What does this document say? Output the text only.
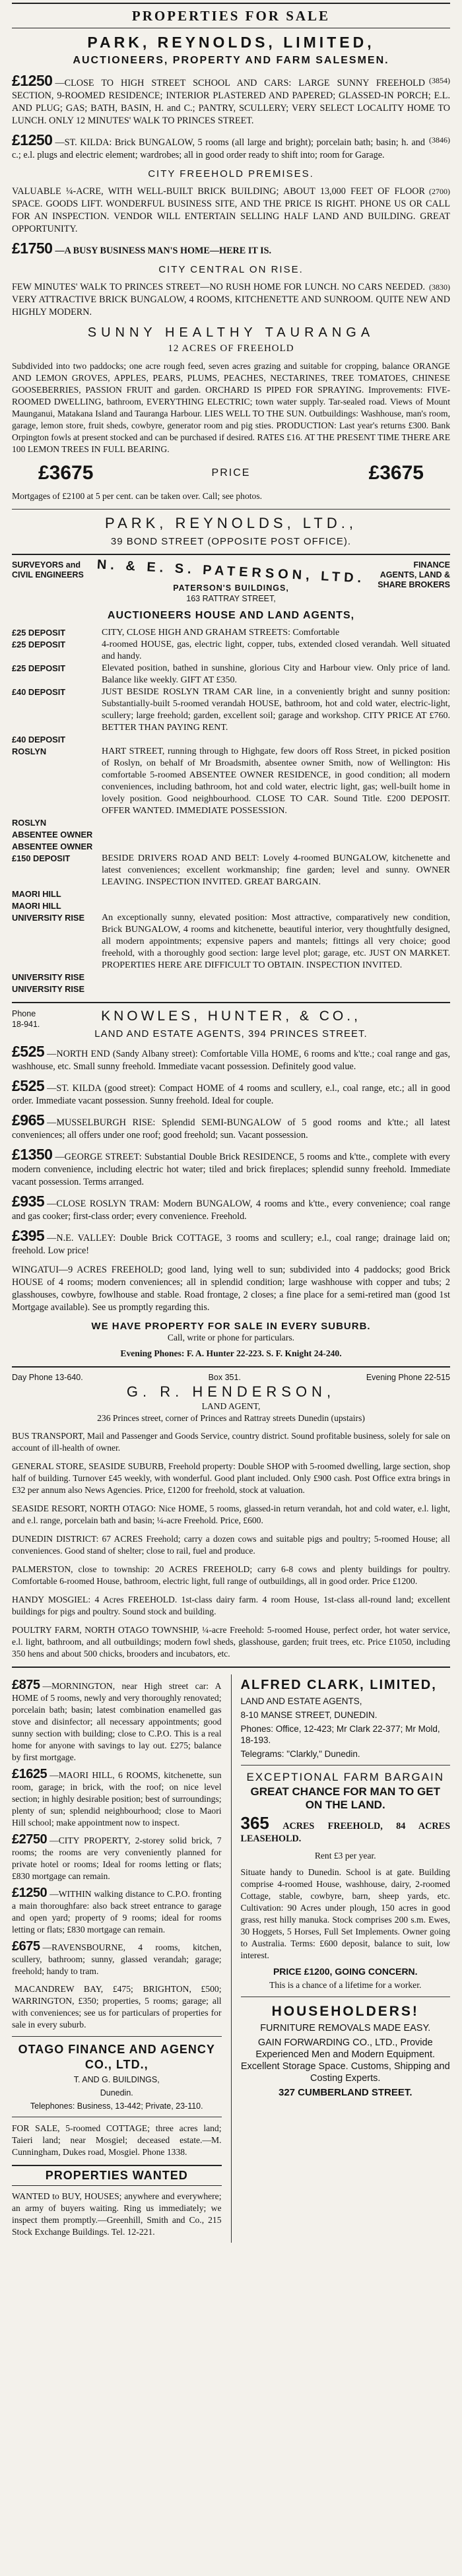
PROPERTIES FOR SALE
PARK, REYNOLDS, LIMITED,
AUCTIONEERS, PROPERTY AND FARM SALESMEN.
(3854)
£1250 —CLOSE TO HIGH STREET SCHOOL AND CARS: LARGE SUNNY FREEHOLD SECTION, 9-ROOMED RESIDENCE; INTERIOR PLASTERED AND PAPERED; GLASSED-IN PORCH; E.L. AND PLUG; GAS; BATH, BASIN, H. and C.; PANTRY, SCULLERY; VERY SELECT LOCALITY HOME TO LUNCH. ONLY 12 MINUTES' WALK TO PRINCES STREET.
(3846)
£1250 —ST. KILDA: Brick BUNGALOW, 5 rooms (all large and bright); porcelain bath; basin; h. and c.; e.l. plugs and electric element; wardrobes; all in good order ready to shift into; room for Garage.
CITY FREEHOLD PREMISES.
(2700)
VALUABLE ¼-ACRE, WITH WELL-BUILT BRICK BUILDING; ABOUT 13,000 FEET OF FLOOR SPACE. GOODS LIFT. WONDERFUL BUSINESS SITE, AND THE PRICE IS RIGHT. PHONE US OR CALL FOR AN INSPECTION. VENDOR WILL ENTERTAIN SELLING HALF LAND AND BUILDING. GREAT OPPORTUNITY.
£1750 —A BUSY BUSINESS MAN'S HOME—HERE IT IS.
CITY CENTRAL ON RISE.
(3830)
FEW MINUTES' WALK TO PRINCES STREET—NO RUSH HOME FOR LUNCH. NO CARS NEEDED. VERY ATTRACTIVE BRICK BUNGALOW, 4 ROOMS, KITCHENETTE AND SUNROOM. QUITE NEW AND HIGHLY MODERN.
SUNNY HEALTHY TAURANGA
12 ACRES OF FREEHOLD
Subdivided into two paddocks; one acre rough feed, seven acres grazing and suitable for cropping, balance ORANGE AND LEMON GROVES, APPLES, PEARS, PLUMS, PEACHES, NECTARINES, TREE TOMATOES, CHINESE GOOSEBERRIES, PASSION FRUIT and garden. ORCHARD IS PIPED FOR SPRAYING. Improvements: FIVE-ROOMED DWELLING, bathroom, EVERYTHING ELECTRIC; town water supply. Tar-sealed road. Views of Mount Maunganui, Matakana Island and Tauranga Harbour. LIES WELL TO THE SUN. Outbuildings: Washhouse, man's room, garage, lemon store, fruit sheds, cowbyre, generator room and pig sties. PRODUCTION: Last year's returns £300. Bank Orpington fowls at present stocked and can be purchased if desired. RATES £16. AT THE PRESENT TIME THERE ARE 100 LEMON TREES IN FULL BEARING.
£3675	PRICE	£3675
Mortgages of £2100 at 5 per cent. can be taken over. Call; see photos.
PARK, REYNOLDS, LTD.,
39 BOND STREET (OPPOSITE POST OFFICE).
SURVEYORS and CIVIL ENGINEERS N. & E. S. PATERSON, LTD.
PATERSON'S BUILDINGS,
163 RATTRAY STREET,
FINANCE AGENTS, LAND & SHARE BROKERS
AUCTIONEERS HOUSE AND LAND AGENTS,
£25 DEPOSIT	CITY, CLOSE HIGH AND GRAHAM STREETS: Comfortable
£25 DEPOSIT	4-roomed HOUSE, gas, electric light, copper, tubs, extended closed verandah. Well situated and handy.
£25 DEPOSIT	Elevated position, bathed in sunshine, glorious City and Harbour view. Only price of land. Balance like weekly. GIFT AT £350.
£40 DEPOSIT	JUST BESIDE ROSLYN TRAM CAR line, in a conveniently bright and sunny position: Substantially-built 5-roomed verandah HOUSE, bathroom, hot and cold water, electric-light, scullery; large freehold; garden, excellent soil; garage and workshop. CITY PRICE AT £760. BETTER THAN PAYING RENT.
£40 DEPOSIT
ROSLYN	HART STREET, running through to Highgate, few doors off Ross Street, in picked position of Roslyn, on behalf of Mr Broadsmith, absentee owner Smith, now of Wellington: His comfortable 5-roomed ABSENTEE OWNER RESIDENCE, in good condition; all modern conveniences, including bathroom, hot and cold water, electric light, gas; well-built home in lovely position. Good neighbourhood. CLOSE TO CAR. Sound Title. £200 DEPOSIT. OFFER WANTED. IMMEDIATE POSSESSION.
ROSLYN
ABSENTEE OWNER
ABSENTEE OWNER
£150 DEPOSIT	BESIDE DRIVERS ROAD AND BELT: Lovely 4-roomed BUNGALOW, kitchenette and latest conveniences; excellent workmanship; fine garden; level and sunny. OWNER LEAVING. INSPECTION INVITED. GREAT BARGAIN.
MAORI HILL
MAORI HILL
UNIVERSITY RISE	An exceptionally sunny, elevated position: Most attractive, comparatively new condition, Brick BUNGALOW, 4 rooms and kitchenette, beautiful interior, very thoughtfully designed, all modern appointments; expensive papers and mantels; fittings all very choice; good freehold, with a thoroughly good section: large level plot; garage, etc. JUST ON MARKET. PROPERTIES HERE ARE DIFFICULT TO OBTAIN. INSPECTION INVITED.
UNIVERSITY RISE
UNIVERSITY RISE
Phone
18-941.
KNOWLES, HUNTER, & CO.,
LAND AND ESTATE AGENTS, 394 PRINCES STREET.
£525 —NORTH END (Sandy Albany street): Comfortable Villa HOME, 6 rooms and k'tte.; coal range and gas, washhouse, etc. Small sunny freehold. Immediate vacant possession. Definitely good value.
£525 —ST. KILDA (good street): Compact HOME of 4 rooms and scullery, e.l., coal range, etc.; all in good order. Immediate vacant possession. Sunny freehold. Ideal for couple.
£965 —MUSSELBURGH RISE: Splendid SEMI-BUNGALOW of 5 good rooms and k'tte.; all latest conveniences; all offers under one roof; good freehold; sun. Vacant possession.
£1350 —GEORGE STREET: Substantial Double Brick RESIDENCE, 5 rooms and k'tte., complete with every modern convenience, including electric hot water; tiled and brick fireplaces; splendid sunny freehold. Immediate vacant possession. Terms arranged.
£935 —CLOSE ROSLYN TRAM: Modern BUNGALOW, 4 rooms and k'tte., every convenience; coal range and gas cooker; first-class order; every convenience. Freehold.
£395 —N.E. VALLEY: Double Brick COTTAGE, 3 rooms and scullery; e.l., coal range; drainage laid on; freehold. Low price!
WINGATUI—9 ACRES FREEHOLD; good land, lying well to sun; subdivided into 4 paddocks; good Brick HOUSE of 4 rooms; modern conveniences; all in splendid condition; large washhouse with copper and tubs; 2 glasshouses, cowbyre, fowlhouse and stable. Road frontage, 2 closes; a fine place for a semi-retired man (good 1st Mortgage available). See us promptly regarding this.
WE HAVE PROPERTY FOR SALE IN EVERY SUBURB.
Call, write or phone for particulars.
Evening Phones: F. A. Hunter 22-223. S. F. Knight 24-240.
Day Phone 13-640.	Box 351.	Evening Phone 22-515
G. R. HENDERSON,
LAND AGENT,
236 Princes street, corner of Princes and Rattray streets Dunedin (upstairs)
BUS TRANSPORT, Mail and Passenger and Goods Service, country district. Sound profitable business, solely for sale on account of ill-health of owner.
GENERAL STORE, SEASIDE SUBURB, Freehold property: Double SHOP with 5-roomed dwelling, large section, shop half of building. Turnover £45 weekly, with wonderful. Good plant included. Only £900 cash. Post Office extra brings in £32 per annum also News Agencies. Price, £1200 for freehold, stock at valuation.
SEASIDE RESORT, NORTH OTAGO: Nice HOME, 5 rooms, glassed-in return verandah, hot and cold water, e.l. light, and e.l. range, porcelain bath and basin; ¼-acre Freehold. Price, £600.
DUNEDIN DISTRICT: 67 ACRES Freehold; carry a dozen cows and suitable pigs and poultry; 5-roomed House; all conveniences. Good stand of shelter; close to rail, fuel and produce.
PALMERSTON, close to township: 20 ACRES FREEHOLD; carry 6-8 cows and plenty buildings for poultry. Comfortable 6-roomed House, bathroom, electric light, full range of outbuildings, all in good order. Price £1200.
HANDY MOSGIEL: 4 Acres FREEHOLD. 1st-class dairy farm. 4 room House, 1st-class all-round land; excellent buildings for pigs and poultry. Sound stock and building.
POULTRY FARM, NORTH OTAGO TOWNSHIP, ¼-acre Freehold: 5-roomed House, perfect order, hot water service, e.l. light, bathroom, and all outbuildings; modern fowl sheds, glasshouse, garden; fruit trees, etc. Price £1050, including 350 hens and about 500 chicks, brooders and incubators, etc.
£875 —MORNINGTON, near High street car: A HOME of 5 rooms, newly and very thoroughly renovated; porcelain bath; basin; latest combination enamelled gas stove and disinfector; all necessary appointments; good sunny section with building; close to C.P.O. This is a real home for anyone with savings to lay out. £275; balance by first mortgage.
£1625 —MAORI HILL, 6 ROOMS, kitchenette, sun room, garage; in brick, with the roof; on nice level section; in highly desirable position; best of surroundings; plenty of sun; splendid neighbourhood; close to Maori Hill school; make appointment now to inspect.
£2750 —CITY PROPERTY, 2-storey solid brick, 7 rooms; the rooms are very conveniently planned for private hotel or rooms; Ideal for rooms letting or flats; £830 mortgage can remain.
£1250 —WITHIN walking distance to C.P.O. fronting a main thoroughfare: also back street entrance to garage and open yard; property of 9 rooms; ideal for rooms letting or flats; £830 mortgage can remain.
£675 —RAVENSBOURNE, 4 rooms, kitchen, scullery, bathroom; sunny, glassed verandah; garage; freehold; handy to tram.
MACANDREW BAY, £475; BRIGHTON, £500; WARRINGTON, £350; properties, 5 rooms; garage; all with conveniences; see us for particulars of properties for sale in every suburb.
OTAGO FINANCE AND AGENCY CO., LTD.,
T. AND G. BUILDINGS,
Dunedin.
Telephones: Business, 13-442; Private, 23-110.
FOR SALE, 5-roomed COTTAGE; three acres land; Taieri land; near Mosgiel; deceased estate.—M. Cunningham, Dukes road, Mosgiel. Phone 1338.
PROPERTIES WANTED
WANTED to BUY, HOUSES; anywhere and everywhere; an army of buyers waiting. Ring us immediately; we inspect them promptly.—Greenhill, Smith and Co., 215 Stock Exchange Buildings. Tel. 12-221.
ALFRED CLARK, LIMITED,
LAND AND ESTATE AGENTS,
8-10 MANSE STREET, DUNEDIN.
Phones: Office, 12-423; Mr Clark 22-377; Mr Mold, 18-193.
Telegrams: "Clarkly," Dunedin.
EXCEPTIONAL FARM BARGAIN
GREAT CHANCE FOR MAN TO GET ON THE LAND.
365 ACRES FREEHOLD, 84 ACRES LEASEHOLD.
Rent £3 per year.
Situate handy to Dunedin. School is at gate. Building comprise 4-roomed House, washhouse, dairy, 2-roomed Cottage, stable, cowbyre, barn, sheep yards, etc. Cultivation: 90 Acres under plough, 150 acres in good grass, rest hilly manuka. Stock comprises 200 s.m. Ewes, 30 Hoggets, 5 Horses, Full Set Implements. Owner going to Australia. Terms: £600 deposit, balance to suit, low interest.
PRICE £1200, GOING CONCERN.
This is a chance of a lifetime for a worker.
HOUSEHOLDERS!
FURNITURE REMOVALS MADE EASY.
GAIN FORWARDING CO., LTD., Provide Experienced Men and Modern Equipment. Excellent Storage Space. Customs, Shipping and Costing Experts.
327 CUMBERLAND STREET.
